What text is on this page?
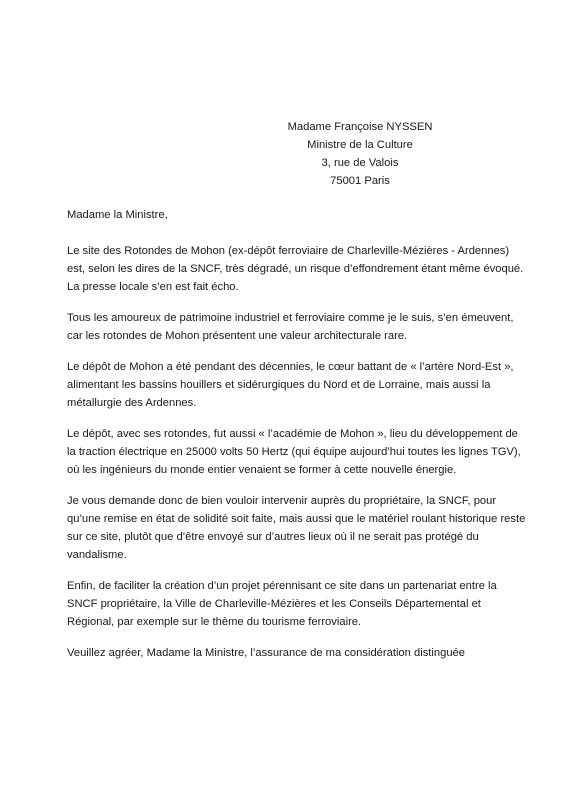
Madame Françoise NYSSEN
Ministre de la Culture
3, rue de Valois
75001 Paris
Madame la Ministre,

Le site des Rotondes de Mohon (ex-dépôt ferroviaire de Charleville-Mézières - Ardennes)
est, selon les dires de la SNCF, très dégradé, un risque d’effondrement étant même évoqué.
La presse locale s’en est fait écho.

Tous les amoureux de patrimoine industriel et ferroviaire comme je le suis, s’en émeuvent,
car les rotondes de Mohon présentent une valeur architecturale rare.

Le dépôt de Mohon a été pendant des décennies, le cœur battant de « l’artère Nord-Est »,
alimentant les bassins houillers et sidérurgiques du Nord et de Lorraine, mais aussi la
métallurgie des Ardennes.

Le dépôt, avec ses rotondes, fut aussi « l’académie de Mohon », lieu du développement de
la traction électrique en 25000 volts 50 Hertz (qui équipe aujourd’hui toutes les lignes TGV),
où les ingénieurs du monde entier venaient se former à cette nouvelle énergie.

Je vous demande donc de bien vouloir intervenir auprès du propriétaire, la SNCF, pour
qu’une remise en état de solidité soit faite, mais aussi que le matériel roulant historique reste
sur ce site, plutôt que d’être envoyé sur d’autres lieux où il ne serait pas protégé du
vandalisme.

Enfin, de faciliter la création d’un projet pérennisant ce site dans un partenariat entre la
SNCF propriétaire, la Ville de Charleville-Mézières et les Conseils Départemental et
Régional, par exemple sur le thème du tourisme ferroviaire.

Veuillez agréer, Madame la Ministre, l’assurance de ma considération distinguée
